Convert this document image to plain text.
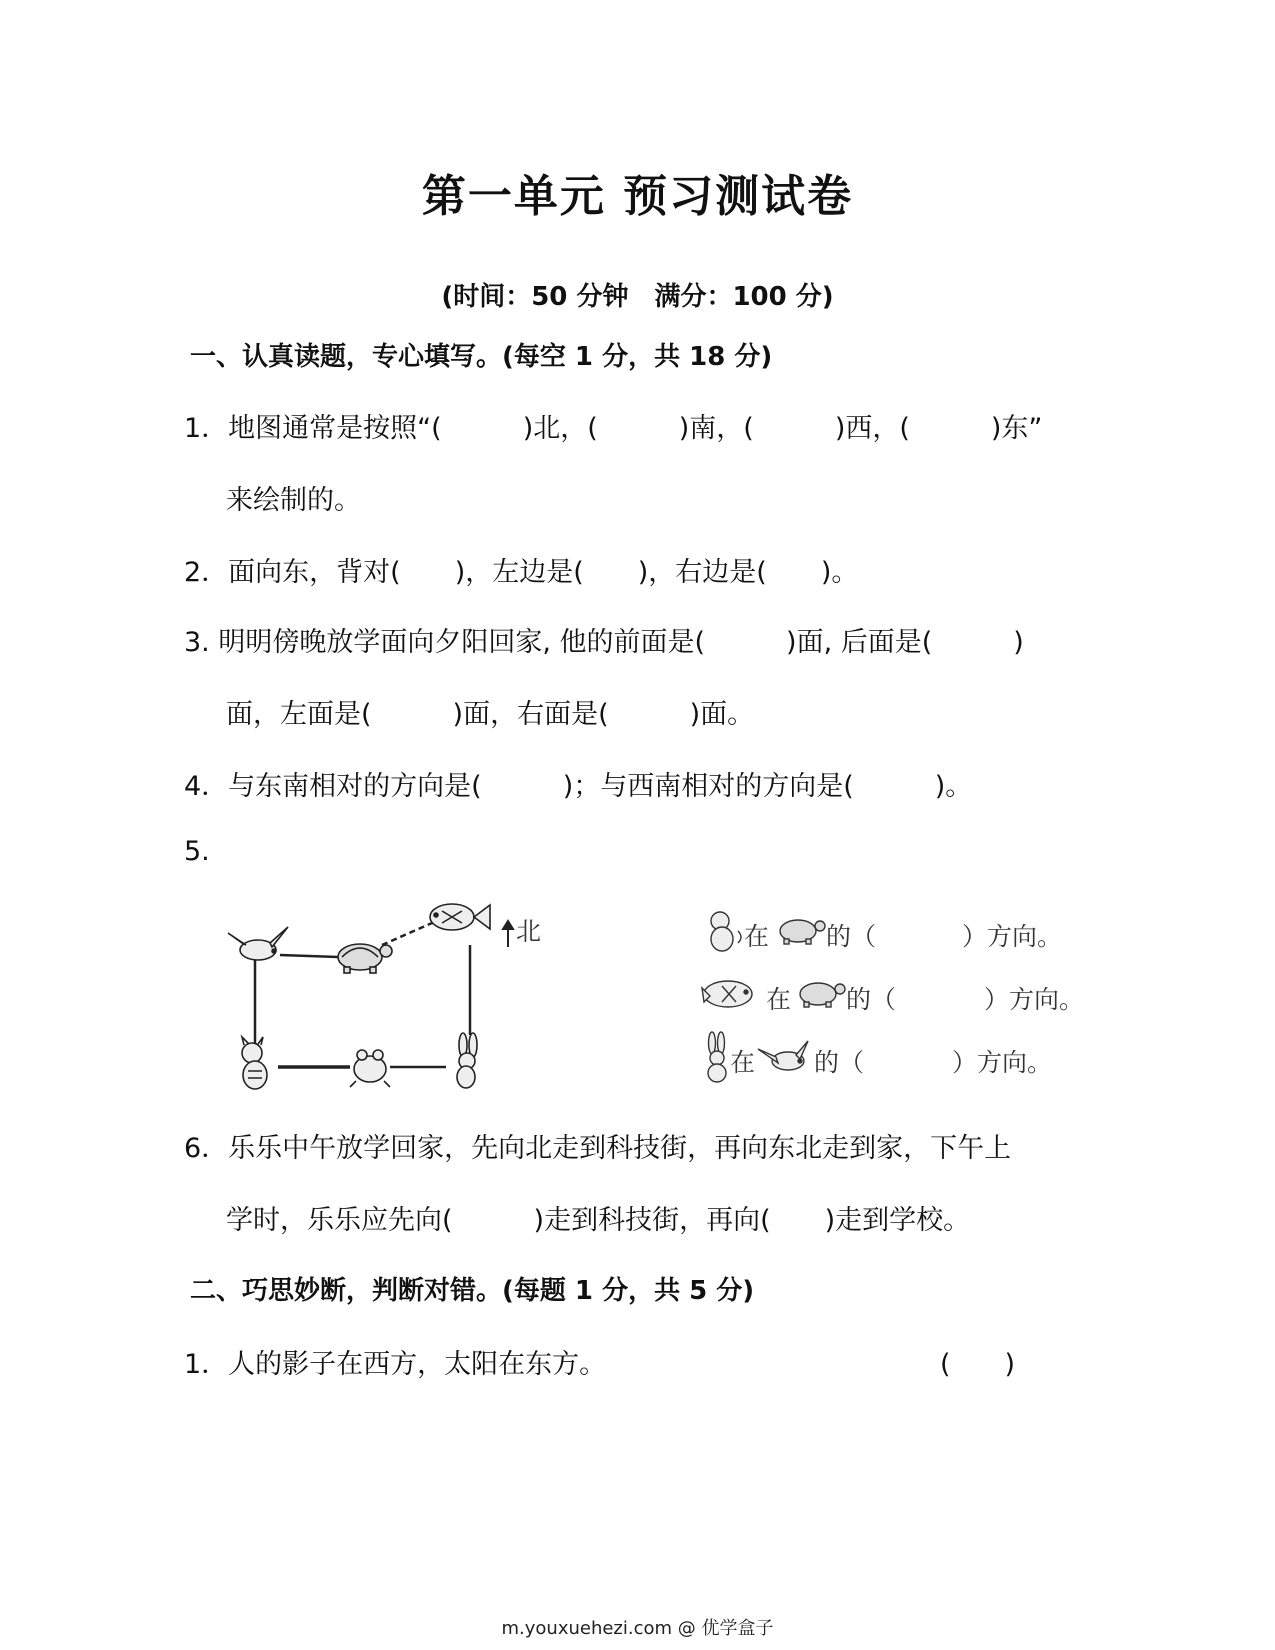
第一单元 预习测试卷
(时间：50 分钟　满分：100 分)
一、认真读题，专心填写。(每空 1 分，共 18 分)
1．地图通常是按照“(　　　)北，(　　　)南，(　　　)西，(　　　)东”
来绘制的。
2．面向东，背对(　　)，左边是(　　)，右边是(　　)。
3. 明明傍晚放学面向夕阳回家, 他的前面是(　　　)面, 后面是(　　　)
面，左面是(　　　)面，右面是(　　　)面。
4．与东南相对的方向是(　　　)；与西南相对的方向是(　　　)。
5.
北	在 的（	）方向。
在 的（	）方向。
在 的（	）方向。
6．乐乐中午放学回家，先向北走到科技街，再向东北走到家，下午上
学时，乐乐应先向(　　　)走到科技街，再向(　　)走到学校。
二、巧思妙断，判断对错。(每题 1 分，共 5 分)
1．人的影子在西方，太阳在东方。	(　　)
m.youxuehezi.com @ 优学盒子
